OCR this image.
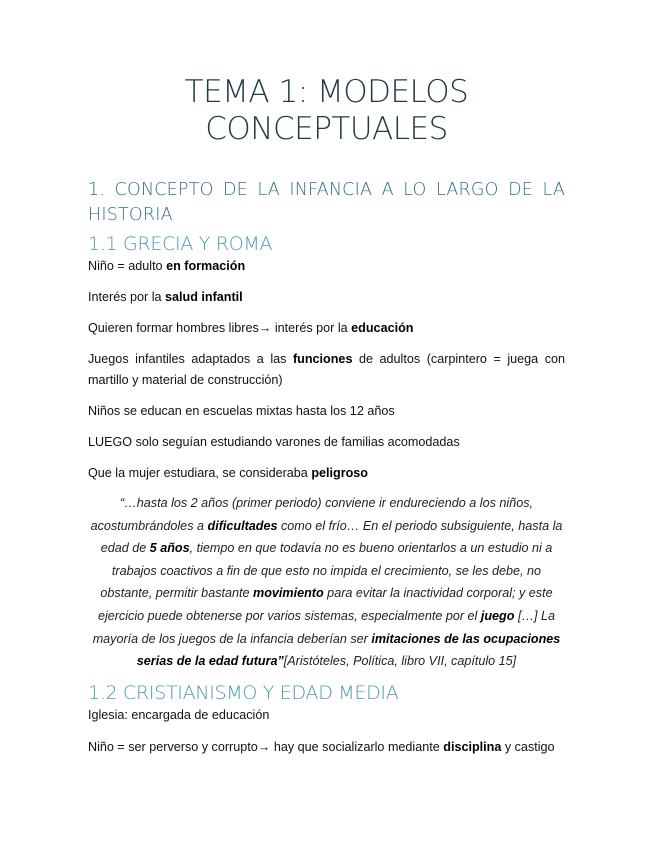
TEMA 1: MODELOS
CONCEPTUALES
1. CONCEPTO DE LA INFANCIA A LO LARGO DE LA HISTORIA
1.1 GRECIA Y ROMA
Niño = adulto en formación
Interés por la salud infantil
Quieren formar hombres libres→ interés por la educación
Juegos infantiles adaptados a las funciones de adultos (carpintero = juega con martillo y material de construcción)
Niños se educan en escuelas mixtas hasta los 12 años
LUEGO solo seguían estudiando varones de familias acomodadas
Que la mujer estudiara, se consideraba peligroso
“…hasta los 2 años (primer periodo) conviene ir endureciendo a los niños, acostumbrándoles a dificultades como el frío… En el periodo subsiguiente, hasta la edad de 5 años, tiempo en que todavía no es bueno orientarlos a un estudio ni a trabajos coactivos a fin de que esto no impida el crecimiento, se les debe, no obstante, permitir bastante movimiento para evitar la inactividad corporal; y este ejercicio puede obtenerse por varios sistemas, especialmente por el juego […] La mayoría de los juegos de la infancia deberían ser imitaciones de las ocupaciones serias de la edad futura”[Aristóteles, Política, libro VII, capítulo 15]
1.2 CRISTIANISMO Y EDAD MEDIA
Iglesia: encargada de educación
Niño = ser perverso y corrupto→ hay que socializarlo mediante disciplina y castigo
